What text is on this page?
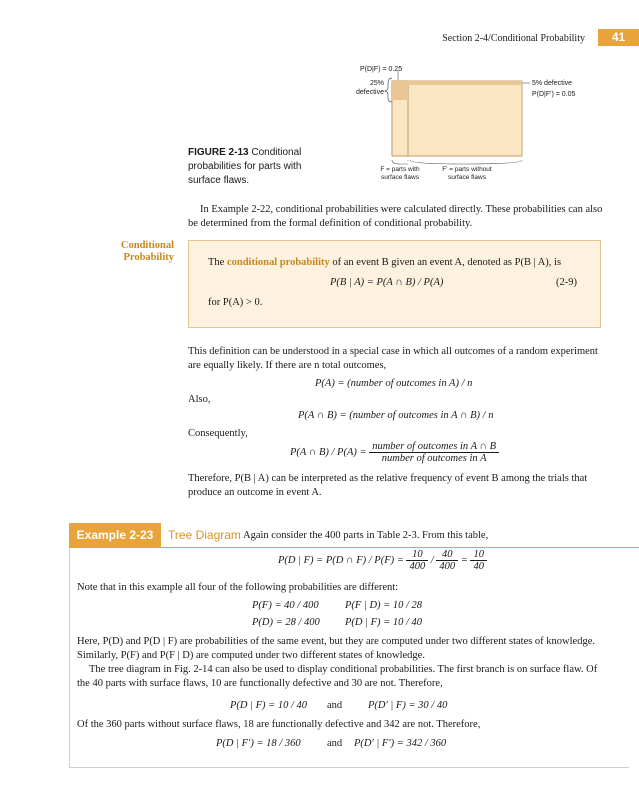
Section 2-4/Conditional Probability	41
P(D|F) = 0.25
25%
defective
5% defective
P(D|F′) = 0.05
F = parts with
surface flaws
F′ = parts without
surface flaws
FIGURE 2-13 Conditional
probabilities for parts with
surface flaws.
In Example 2-22, conditional probabilities were calculated directly. These probabilities can also be determined from the formal definition of conditional probability.
Conditional
Probability	The conditional probability of an event B given an event A, denoted as P(B | A), is
P(B | A) = P(A ∩ B) / P(A)	(2-9)
for P(A) > 0.
This definition can be understood in a special case in which all outcomes of a random experiment are equally likely. If there are n total outcomes,
P(A) = (number of outcomes in A) / n
Also,
P(A ∩ B) = (number of outcomes in A ∩ B) / n
Consequently,
P(A ∩ $B) / P(A) = \frac{\text{number of outcomes in A ∩ B}}{\text{number of outcomes in A}}$
Therefore, P(B | A) can be interpreted as the relative frequency of event B among the trials that produce an outcome in event A.
Example 2-23	Tree Diagram Again consider the 400 parts in Table 2-3. From this table,
P(D | F) = P(D ∩ $F) / P(F) = \frac{10}{400} / \frac{40}{400} = \frac{10}{40}$
Note that in this example all four of the following probabilities are different:
P(F) = 40 / 400	P(F | D) = 10 / 28
P(D) = 28 / 400 P(D | F) = 10 / 40
Here, P(D) and P(D | F) are probabilities of the same event, but they are computed under two different states of knowledge. Similarly, P(F) and P(F | D) are computed under two different states of knowledge.
The tree diagram in Fig. 2-14 can also be used to display conditional probabilities. The first branch is on surface flaw. Of the 40 parts with surface flaws, 10 are functionally defective and 30 are not. Therefore,
P(D | F) = 10 / 40 and P(D′ | F) = 30 / 40
Of the 360 parts without surface flaws, 18 are functionally defective and 342 are not. Therefore,
P(D | F′) = 18 / 360	and P(D′ | F′) = 342 / 360
